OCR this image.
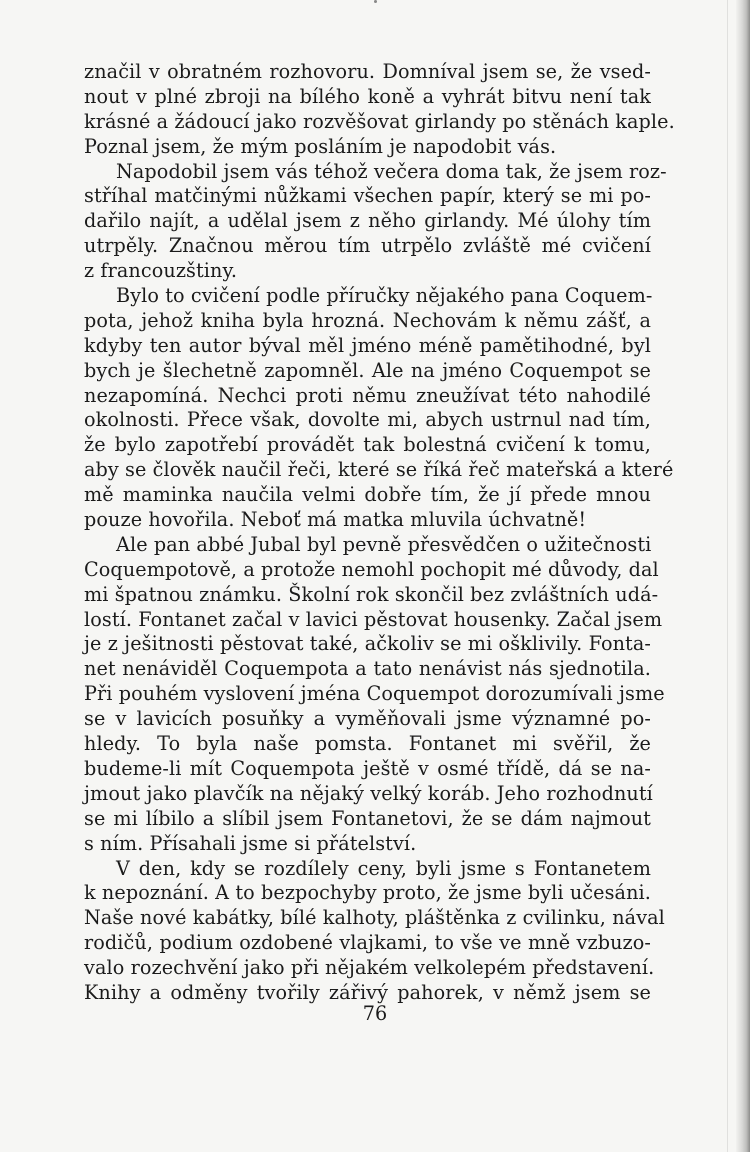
značil v obratném rozhovoru. Domníval jsem se, že vsed-
nout v plné zbroji na bílého koně a vyhrát bitvu není tak
krásné a žádoucí jako rozvěšovat girlandy po stěnách kaple.
Poznal jsem, že mým posláním je napodobit vás.
Napodobil jsem vás téhož večera doma tak, že jsem roz-
stříhal matčinými nůžkami všechen papír, který se mi po-
dařilo najít, a udělal jsem z něho girlandy. Mé úlohy tím
utrpěly. Značnou měrou tím utrpělo zvláště mé cvičení
z francouzštiny.
Bylo to cvičení podle příručky nějakého pana Coquem-
pota, jehož kniha byla hrozná. Nechovám k němu zášť, a
kdyby ten autor býval měl jméno méně pamětihodné, byl
bych je šlechetně zapomněl. Ale na jméno Coquempot se
nezapomíná. Nechci proti němu zneužívat této nahodilé
okolnosti. Přece však, dovolte mi, abych ustrnul nad tím,
že bylo zapotřebí provádět tak bolestná cvičení k tomu,
aby se člověk naučil řeči, které se říká řeč mateřská a které
mě maminka naučila velmi dobře tím, že jí přede mnou
pouze hovořila. Neboť má matka mluvila úchvatně!
Ale pan abbé Jubal byl pevně přesvědčen o užitečnosti
Coquempotově, a protože nemohl pochopit mé důvody, dal
mi špatnou známku. Školní rok skončil bez zvláštních udá-
lostí. Fontanet začal v lavici pěstovat housenky. Začal jsem
je z ješitnosti pěstovat také, ačkoliv se mi ošklivily. Fonta-
net nenáviděl Coquempota a tato nenávist nás sjednotila.
Při pouhém vyslovení jména Coquempot dorozumívali jsme
se v lavicích posuňky a vyměňovali jsme významné po-
hledy. To byla naše pomsta. Fontanet mi svěřil, že
budeme-li mít Coquempota ještě v osmé třídě, dá se na-
jmout jako plavčík na nějaký velký koráb. Jeho rozhodnutí
se mi líbilo a slíbil jsem Fontanetovi, že se dám najmout
s ním. Přísahali jsme si přátelství.
V den, kdy se rozdílely ceny, byli jsme s Fontanetem
k nepoznání. A to bezpochyby proto, že jsme byli učesáni.
Naše nové kabátky, bílé kalhoty, pláštěnka z cvilinku, nával
rodičů, podium ozdobené vlajkami, to vše ve mně vzbuzo-
valo rozechvění jako při nějakém velkolepém představení.
Knihy a odměny tvořily zářivý pahorek, v němž jsem se
76
